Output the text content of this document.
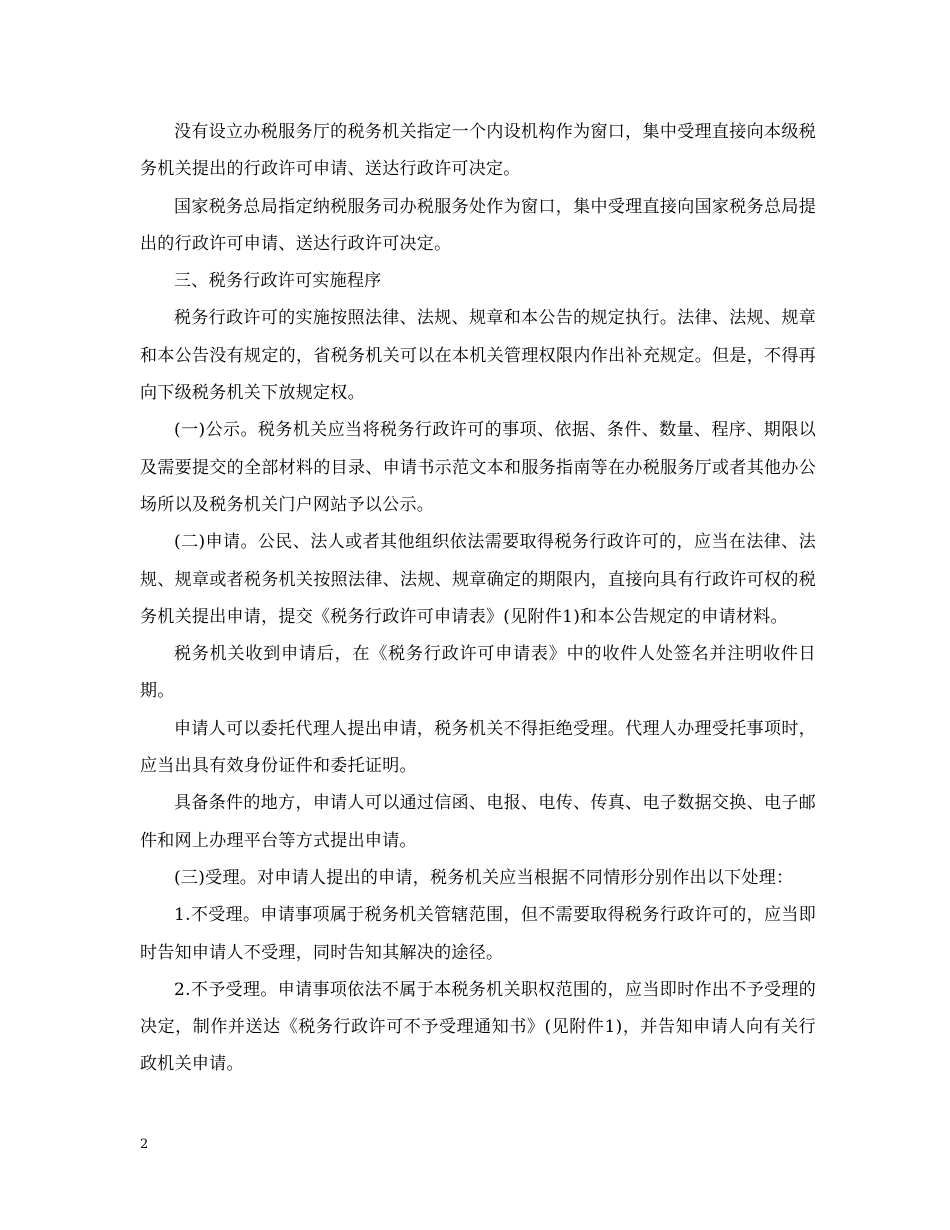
没有设立办税服务厅的税务机关指定一个内设机构作为窗口，集中受理直接向本级税务机关提出的行政许可申请、送达行政许可决定。

国家税务总局指定纳税服务司办税服务处作为窗口，集中受理直接向国家税务总局提出的行政许可申请、送达行政许可决定。

三、税务行政许可实施程序

税务行政许可的实施按照法律、法规、规章和本公告的规定执行。法律、法规、规章和本公告没有规定的，省税务机关可以在本机关管理权限内作出补充规定。但是，不得再向下级税务机关下放规定权。

(一)公示。税务机关应当将税务行政许可的事项、依据、条件、数量、程序、期限以及需要提交的全部材料的目录、申请书示范文本和服务指南等在办税服务厅或者其他办公场所以及税务机关门户网站予以公示。

(二)申请。公民、法人或者其他组织依法需要取得税务行政许可的，应当在法律、法规、规章或者税务机关按照法律、法规、规章确定的期限内，直接向具有行政许可权的税务机关提出申请，提交《税务行政许可申请表》(见附件1)和本公告规定的申请材料。

税务机关收到申请后，在《税务行政许可申请表》中的收件人处签名并注明收件日期。

申请人可以委托代理人提出申请，税务机关不得拒绝受理。代理人办理受托事项时，应当出具有效身份证件和委托证明。

具备条件的地方，申请人可以通过信函、电报、电传、传真、电子数据交换、电子邮件和网上办理平台等方式提出申请。

(三)受理。对申请人提出的申请，税务机关应当根据不同情形分别作出以下处理：

1.不受理。申请事项属于税务机关管辖范围，但不需要取得税务行政许可的，应当即时告知申请人不受理，同时告知其解决的途径。

2.不予受理。申请事项依法不属于本税务机关职权范围的，应当即时作出不予受理的决定，制作并送达《税务行政许可不予受理通知书》(见附件1)，并告知申请人向有关行政机关申请。

2
